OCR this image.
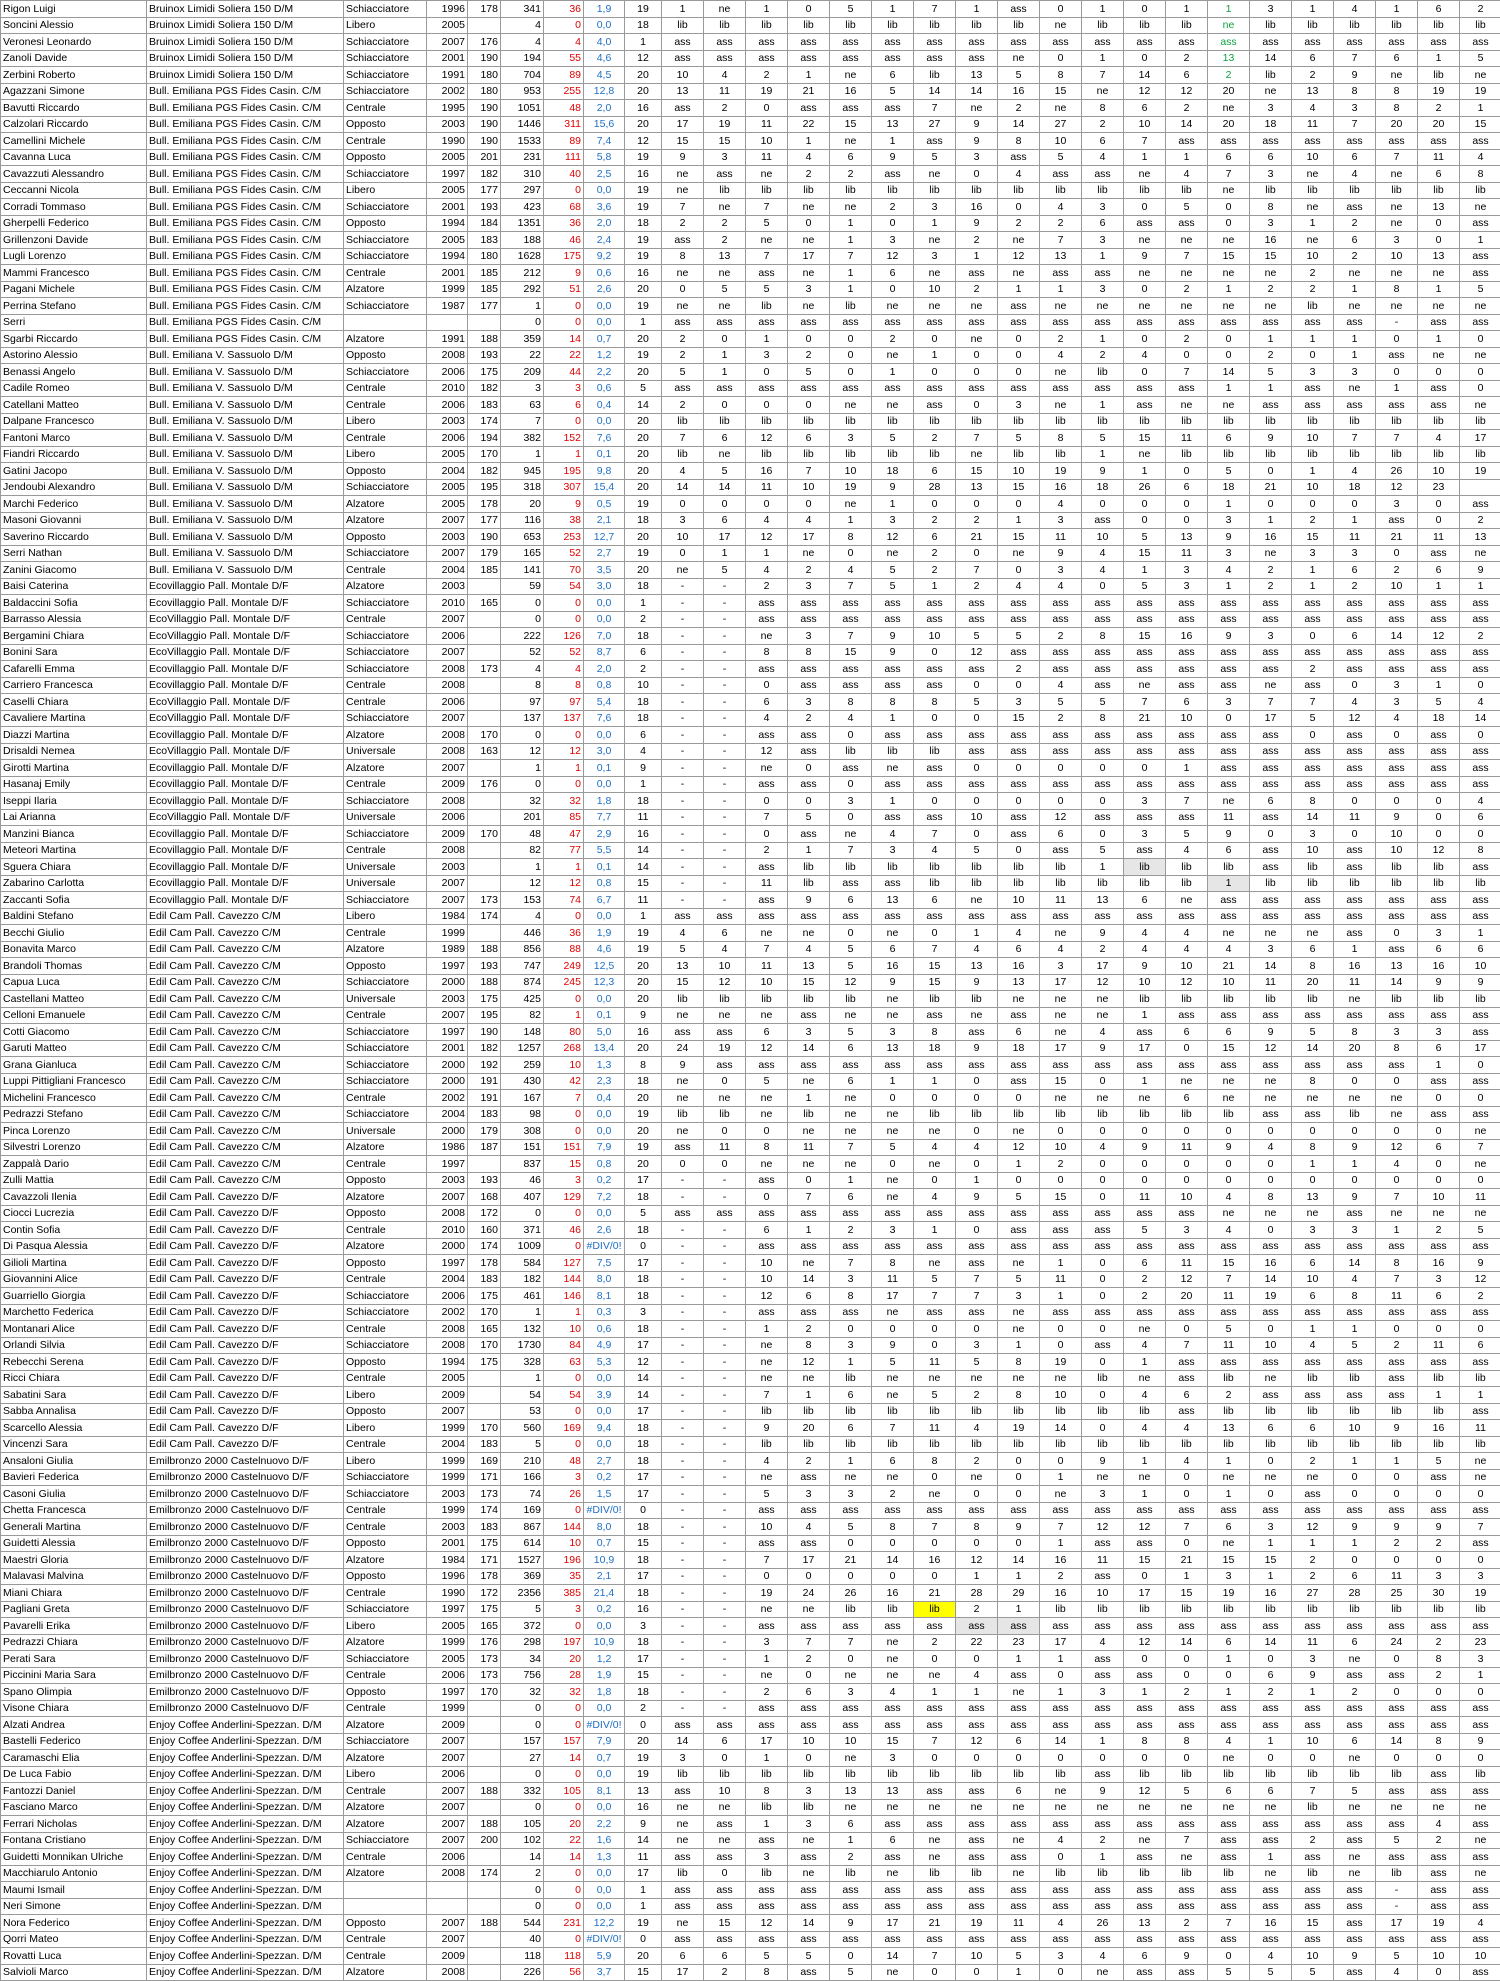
Rigon Luigi	Bruinox Limidi Soliera 150 D/M	Schiacciatore	1996	178	341	36	1,9	19	1	ne	1	0	5	1	7	1	ass	0	1	0	1	1	3	1	4	1	6	2
Soncini Alessio	Bruinox Limidi Soliera 150 D/M	Libero	2005		4	0	0,0	18	lib	lib	lib	lib	lib	lib	lib	lib	lib	ne	lib	lib	lib	ne	lib	lib	lib	lib	lib	lib
Veronesi Leonardo	Bruinox Limidi Soliera 150 D/M	Schiacciatore	2007	176	4	4	4,0	1	ass	ass	ass	ass	ass	ass	ass	ass	ass	ass	ass	ass	ass	ass	ass	ass	ass	ass	ass	ass
Zanoli Davide	Bruinox Limidi Soliera 150 D/M	Schiacciatore	2001	190	194	55	4,6	12	ass	ass	ass	ass	ass	ass	ass	ass	ne	0	1	0	2	13	14	6	7	6	1	5
Zerbini Roberto	Bruinox Limidi Soliera 150 D/M	Schiacciatore	1991	180	704	89	4,5	20	10	4	2	1	ne	6	lib	13	5	8	7	14	6	2	lib	2	9	ne	lib	ne
Agazzani Simone	Bull. Emiliana PGS Fides Casin. C/M	Schiacciatore	2002	180	953	255	12,8	20	13	11	19	21	16	5	14	14	16	15	ne	12	12	20	ne	13	8	8	19	19
Bavutti Riccardo	Bull. Emiliana PGS Fides Casin. C/M	Centrale	1995	190	1051	48	2,0	16	ass	2	0	ass	ass	ass	7	ne	2	ne	8	6	2	ne	3	4	3	8	2	1
Calzolari Riccardo	Bull. Emiliana PGS Fides Casin. C/M	Opposto	2003	190	1446	311	15,6	20	17	19	11	22	15	13	27	9	14	27	2	10	14	20	18	11	7	20	20	15
Camellini Michele	Bull. Emiliana PGS Fides Casin. C/M	Centrale	1990	190	1533	89	7,4	12	15	15	10	1	ne	1	ass	9	8	10	6	7	ass	ass	ass	ass	ass	ass	ass	ass
Cavanna Luca	Bull. Emiliana PGS Fides Casin. C/M	Opposto	2005	201	231	111	5,8	19	9	3	11	4	6	9	5	3	ass	5	4	1	1	6	6	10	6	7	11	4
Cavazzuti Alessandro	Bull. Emiliana PGS Fides Casin. C/M	Schiacciatore	1997	182	310	40	2,5	16	ne	ass	ne	2	2	ass	ne	0	4	ass	ass	ne	4	7	3	ne	4	ne	6	8
Ceccanni Nicola	Bull. Emiliana PGS Fides Casin. C/M	Libero	2005	177	297	0	0,0	19	ne	lib	lib	lib	lib	lib	lib	lib	lib	lib	lib	lib	lib	ne	lib	lib	lib	lib	lib	lib
Corradi Tommaso	Bull. Emiliana PGS Fides Casin. C/M	Schiacciatore	2001	193	423	68	3,6	19	7	ne	7	ne	ne	2	3	16	0	4	3	0	5	0	8	ne	ass	ne	13	ne
Gherpelli Federico	Bull. Emiliana PGS Fides Casin. C/M	Opposto	1994	184	1351	36	2,0	18	2	2	5	0	1	0	1	9	2	2	6	ass	ass	0	3	1	2	ne	0	ass
Grillenzoni Davide	Bull. Emiliana PGS Fides Casin. C/M	Schiacciatore	2005	183	188	46	2,4	19	ass	2	ne	ne	1	3	ne	2	ne	7	3	ne	ne	ne	16	ne	6	3	0	1
Lugli Lorenzo	Bull. Emiliana PGS Fides Casin. C/M	Schiacciatore	1994	180	1628	175	9,2	19	8	13	7	17	7	12	3	1	12	13	1	9	7	15	15	10	2	10	13	ass
Mammi Francesco	Bull. Emiliana PGS Fides Casin. C/M	Centrale	2001	185	212	9	0,6	16	ne	ne	ass	ne	1	6	ne	ass	ne	ass	ass	ne	ne	ne	ne	2	ne	ne	ne	ass
Pagani Michele	Bull. Emiliana PGS Fides Casin. C/M	Alzatore	1999	185	292	51	2,6	20	0	5	5	3	1	0	10	2	1	1	3	0	2	1	2	2	1	8	1	5
Perrina Stefano	Bull. Emiliana PGS Fides Casin. C/M	Schiacciatore	1987	177	1	0	0,0	19	ne	ne	lib	ne	lib	ne	ne	ne	ass	ne	ne	ne	ne	ne	ne	lib	ne	ne	ne	ne
Serri	Bull. Emiliana PGS Fides Casin. C/M				0	0	0,0	1	ass	ass	ass	ass	ass	ass	ass	ass	ass	ass	ass	ass	ass	ass	ass	ass	ass	-	ass	ass
Sgarbi Riccardo	Bull. Emiliana PGS Fides Casin. C/M	Alzatore	1991	188	359	14	0,7	20	2	0	1	0	0	2	0	ne	0	2	1	0	2	0	1	1	1	0	1	0
Astorino Alessio	Bull. Emiliana V. Sassuolo D/M	Opposto	2008	193	22	22	1,2	19	2	1	3	2	0	ne	1	0	0	4	2	4	0	0	2	0	1	ass	ne	ne
Benassi Angelo	Bull. Emiliana V. Sassuolo D/M	Schiacciatore	2006	175	209	44	2,2	20	5	1	0	5	0	1	0	0	0	ne	lib	0	7	14	5	3	3	0	0	0
Cadile Romeo	Bull. Emiliana V. Sassuolo D/M	Centrale	2010	182	3	3	0,6	5	ass	ass	ass	ass	ass	ass	ass	ass	ass	ass	ass	ass	ass	1	1	ass	ne	1	ass	0
Catellani Matteo	Bull. Emiliana V. Sassuolo D/M	Centrale	2006	183	63	6	0,4	14	2	0	0	0	ne	ne	ass	0	3	ne	1	ass	ne	ne	ass	ass	ass	ass	ass	ne
Dalpane Francesco	Bull. Emiliana V. Sassuolo D/M	Libero	2003	174	7	0	0,0	20	lib	lib	lib	lib	lib	lib	lib	lib	lib	lib	lib	lib	lib	lib	lib	lib	lib	lib	lib	lib
Fantoni Marco	Bull. Emiliana V. Sassuolo D/M	Centrale	2006	194	382	152	7,6	20	7	6	12	6	3	5	2	7	5	8	5	15	11	6	9	10	7	7	4	17
Fiandri Riccardo	Bull. Emiliana V. Sassuolo D/M	Libero	2005	170	1	1	0,1	20	lib	ne	lib	lib	lib	lib	lib	ne	lib	lib	1	ne	lib	lib	lib	lib	lib	lib	lib	lib
Gatini Jacopo	Bull. Emiliana V. Sassuolo D/M	Opposto	2004	182	945	195	9,8	20	4	5	16	7	10	18	6	15	10	19	9	1	0	5	0	1	4	26	10	19
Jendoubi Alexandro	Bull. Emiliana V. Sassuolo D/M	Schiacciatore	2005	195	318	307	15,4	20	14	14	11	10	19	9	28	13	15	16	18	26	6	18	21	10	18	12	23	
Marchi Federico	Bull. Emiliana V. Sassuolo D/M	Alzatore	2005	178	20	9	0,5	19	0	0	0	0	ne	1	0	0	0	4	0	0	0	1	0	0	0	3	0	ass
Masoni Giovanni	Bull. Emiliana V. Sassuolo D/M	Alzatore	2007	177	116	38	2,1	18	3	6	4	4	1	3	2	2	1	3	ass	0	0	3	1	2	1	ass	0	2
Saverino Riccardo	Bull. Emiliana V. Sassuolo D/M	Opposto	2003	190	653	253	12,7	20	10	17	12	17	8	12	6	21	15	11	10	5	13	9	16	15	11	21	11	13
Serri Nathan	Bull. Emiliana V. Sassuolo D/M	Schiacciatore	2007	179	165	52	2,7	19	0	1	1	ne	0	ne	2	0	ne	9	4	15	11	3	ne	3	3	0	ass	ne
Zanini Giacomo	Bull. Emiliana V. Sassuolo D/M	Centrale	2004	185	141	70	3,5	20	ne	5	4	2	4	5	2	7	0	3	4	1	3	4	2	1	6	2	6	9
Baisi Caterina	Ecovillaggio Pall. Montale D/F	Alzatore	2003		59	54	3,0	18	-	-	2	3	7	5	1	2	4	4	0	5	3	1	2	1	2	10	1	1
Baldaccini Sofia	Ecovillaggio Pall. Montale D/F	Schiacciatore	2010	165	0	0	0,0	1	-	-	ass	ass	ass	ass	ass	ass	ass	ass	ass	ass	ass	ass	ass	ass	ass	ass	ass	ass
Barrasso Alessia	EcoVillaggio Pall. Montale D/F	Centrale	2007		0	0	0,0	2	-	-	ass	ass	ass	ass	ass	ass	ass	ass	ass	ass	ass	ass	ass	ass	ass	ass	ass	ass
Bergamini Chiara	EcoVillaggio Pall. Montale D/F	Schiacciatore	2006		222	126	7,0	18	-	-	ne	3	7	9	10	5	5	2	8	15	16	9	3	0	6	14	12	2
Bonini Sara	EcoVillaggio Pall. Montale D/F	Schiacciatore	2007		52	52	8,7	6	-	-	8	8	15	9	0	12	ass	ass	ass	ass	ass	ass	ass	ass	ass	ass	ass	ass
Cafarelli Emma	Ecovillaggio Pall. Montale D/F	Schiacciatore	2008	173	4	4	2,0	2	-	-	ass	ass	ass	ass	ass	ass	2	ass	ass	ass	ass	ass	ass	2	ass	ass	ass	ass
Carriero Francesca	Ecovillaggio Pall. Montale D/F	Centrale	2008		8	8	0,8	10	-	-	0	ass	ass	ass	ass	0	0	4	ass	ne	ass	ass	ne	ass	0	3	1	0
Caselli Chiara	EcoVillaggio Pall. Montale D/F	Centrale	2006		97	97	5,4	18	-	-	6	3	8	8	8	5	3	5	5	7	6	3	7	7	4	3	5	4
Cavaliere Martina	EcoVillaggio Pall. Montale D/F	Schiacciatore	2007		137	137	7,6	18	-	-	4	2	4	1	0	0	15	2	8	21	10	0	17	5	12	4	18	14
Diazzi Martina	Ecovillaggio Pall. Montale D/F	Alzatore	2008	170	0	0	0,0	6	-	-	ass	ass	0	ass	ass	ass	ass	ass	ass	ass	ass	ass	ass	0	ass	0	ass	0
Drisaldi Nemea	EcoVillaggio Pall. Montale D/F	Universale	2008	163	12	12	3,0	4	-	-	12	ass	lib	lib	lib	ass	ass	ass	ass	ass	ass	ass	ass	ass	ass	ass	ass	ass
Girotti Martina	Ecovillaggio Pall. Montale D/F	Alzatore	2007		1	1	0,1	9	-	-	ne	0	ass	ne	ass	0	0	0	0	0	1	ass	ass	ass	ass	ass	ass	ass
Hasanaj Emily	Ecovillaggio Pall. Montale D/F	Centrale	2009	176	0	0	0,0	1	-	-	ass	ass	0	ass	ass	ass	ass	ass	ass	ass	ass	ass	ass	ass	ass	ass	ass	ass
Iseppi Ilaria	Ecovillaggio Pall. Montale D/F	Schiacciatore	2008		32	32	1,8	18	-	-	0	0	3	1	0	0	0	0	0	3	7	ne	6	8	0	0	0	4
Lai Arianna	EcoVillaggio Pall. Montale D/F	Universale	2006		201	85	7,7	11	-	-	7	5	0	ass	ass	10	ass	12	ass	ass	ass	11	ass	14	11	9	0	6
Manzini Bianca	Ecovillaggio Pall. Montale D/F	Schiacciatore	2009	170	48	47	2,9	16	-	-	0	ass	ne	4	7	0	ass	6	0	3	5	9	0	3	0	10	0	0
Meteori Martina	Ecovillaggio Pall. Montale D/F	Centrale	2008		82	77	5,5	14	-	-	2	1	7	3	4	5	0	ass	5	ass	4	6	ass	10	ass	10	12	8
Sguera Chiara	Ecovillaggio Pall. Montale D/F	Universale	2003		1	1	0,1	14	-	-	ass	lib	lib	lib	lib	lib	lib	lib	1	lib	lib	lib	ass	lib	ass	lib	lib	ass
Zabarino Carlotta	Ecovillaggio Pall. Montale D/F	Universale	2007		12	12	0,8	15	-	-	11	lib	ass	ass	lib	lib	lib	lib	lib	lib	lib	1	lib	lib	lib	lib	lib	lib
Zaccanti Sofia	Ecovillaggio Pall. Montale D/F	Schiacciatore	2007	173	153	74	6,7	11	-	-	ass	9	6	13	6	ne	10	11	13	6	ne	ass	ass	ass	ass	ass	ass	ass
Baldini Stefano	Edil Cam Pall. Cavezzo C/M	Libero	1984	174	4	0	0,0	1	ass	ass	ass	ass	ass	ass	ass	ass	ass	ass	ass	ass	ass	ass	ass	ass	ass	ass	ass	ass
Becchi Giulio	Edil Cam Pall. Cavezzo C/M	Centrale	1999		446	36	1,9	19	4	6	ne	ne	0	ne	0	1	4	ne	9	4	4	ne	ne	ne	ass	0	3	1
Bonavita Marco	Edil Cam Pall. Cavezzo C/M	Alzatore	1989	188	856	88	4,6	19	5	4	7	4	5	6	7	4	6	4	2	4	4	4	3	6	1	ass	6	6
Brandoli Thomas	Edil Cam Pall. Cavezzo C/M	Opposto	1997	193	747	249	12,5	20	13	10	11	13	5	16	15	13	16	3	17	9	10	21	14	8	16	13	16	10
Capua Luca	Edil Cam Pall. Cavezzo C/M	Schiacciatore	2000	188	874	245	12,3	20	15	12	10	15	12	9	15	9	13	17	12	10	12	10	11	20	11	14	9	9
Castellani Matteo	Edil Cam Pall. Cavezzo C/M	Universale	2003	175	425	0	0,0	20	lib	lib	lib	lib	lib	ne	lib	lib	ne	ne	ne	lib	lib	lib	lib	lib	ne	lib	lib	lib
Celloni Emanuele	Edil Cam Pall. Cavezzo C/M	Centrale	2007	195	82	1	0,1	9	ne	ne	ne	ass	ne	ne	ass	ne	ass	ne	ne	1	ass	ass	ass	ass	ass	ass	ass	ass
Cotti Giacomo	Edil Cam Pall. Cavezzo C/M	Schiacciatore	1997	190	148	80	5,0	16	ass	ass	6	3	5	3	8	ass	6	ne	4	ass	6	6	9	5	8	3	3	ass
Garuti Matteo	Edil Cam Pall. Cavezzo C/M	Schiacciatore	2001	182	1257	268	13,4	20	24	19	12	14	6	13	18	9	18	17	9	17	0	15	12	14	20	8	6	17
Grana Gianluca	Edil Cam Pall. Cavezzo C/M	Schiacciatore	2000	192	259	10	1,3	8	9	ass	ass	ass	ass	ass	ass	ass	ass	ass	ass	ass	ass	ass	ass	ass	ass	ass	1	0
Luppi Pittigliani Francesco	Edil Cam Pall. Cavezzo C/M	Schiacciatore	2000	191	430	42	2,3	18	ne	0	5	ne	6	1	1	0	ass	15	0	1	ne	ne	ne	8	0	0	ass	ass
Michelini Francesco	Edil Cam Pall. Cavezzo C/M	Centrale	2002	191	167	7	0,4	20	ne	ne	ne	1	ne	0	0	0	0	ne	ne	ne	6	ne	ne	ne	ne	ne	0	0
Pedrazzi Stefano	Edil Cam Pall. Cavezzo C/M	Schiacciatore	2004	183	98	0	0,0	19	lib	lib	ne	lib	ne	ne	lib	lib	lib	lib	lib	lib	lib	lib	ass	ass	lib	ne	ass	ass
Pinca Lorenzo	Edil Cam Pall. Cavezzo C/M	Universale	2000	179	308	0	0,0	20	ne	0	0	ne	ne	ne	ne	0	ne	0	0	0	0	0	0	0	0	0	0	ne
Silvestri Lorenzo	Edil Cam Pall. Cavezzo C/M	Alzatore	1986	187	151	151	7,9	19	ass	11	8	11	7	5	4	4	12	10	4	9	11	9	4	8	9	12	6	7
Zappalà Dario	Edil Cam Pall. Cavezzo C/M	Centrale	1997		837	15	0,8	20	0	0	ne	ne	ne	0	ne	0	1	2	0	0	0	0	0	1	1	4	0	ne
Zulli Mattia	Edil Cam Pall. Cavezzo C/M	Opposto	2003	193	46	3	0,2	17	-	-	ass	0	1	ne	0	1	0	0	0	0	0	0	0	0	0	0	0	0
Cavazzoli Ilenia	Edil Cam Pall. Cavezzo D/F	Alzatore	2007	168	407	129	7,2	18	-	-	0	7	6	ne	4	9	5	15	0	11	10	4	8	13	9	7	10	11
Ciocci Lucrezia	Edil Cam Pall. Cavezzo D/F	Opposto	2008	172	0	0	0,0	5	ass	ass	ass	ass	ass	ass	ass	ass	ass	ass	ass	ass	ass	ne	ne	ne	ass	ne	ne	ne
Contin Sofia	Edil Cam Pall. Cavezzo D/F	Centrale	2010	160	371	46	2,6	18	-	-	6	1	2	3	1	0	ass	ass	ass	5	3	4	0	3	3	1	2	5
Di Pasqua Alessia	Edil Cam Pall. Cavezzo D/F	Alzatore	2000	174	1009	0	#DIV/0!	0	-	-	ass	ass	ass	ass	ass	ass	ass	ass	ass	ass	ass	ass	ass	ass	ass	ass	ass	ass
Gilioli Martina	Edil Cam Pall. Cavezzo D/F	Opposto	1997	178	584	127	7,5	17	-	-	10	ne	7	8	ne	ass	ne	1	0	6	11	15	16	6	14	8	16	9
Giovannini Alice	Edil Cam Pall. Cavezzo D/F	Centrale	2004	183	182	144	8,0	18	-	-	10	14	3	11	5	7	5	11	0	2	12	7	14	10	4	7	3	12
Guarriello Giorgia	Edil Cam Pall. Cavezzo D/F	Schiacciatore	2006	175	461	146	8,1	18	-	-	12	6	8	17	7	7	3	1	0	2	20	11	19	6	8	11	6	2
Marchetto Federica	Edil Cam Pall. Cavezzo D/F	Schiacciatore	2002	170	1	1	0,3	3	-	-	ass	ass	ass	ne	ass	ass	ne	ass	ass	ass	ass	ass	ass	ass	ass	ass	ass	ass
Montanari Alice	Edil Cam Pall. Cavezzo D/F	Centrale	2008	165	132	10	0,6	18	-	-	1	2	0	0	0	0	ne	0	0	ne	0	5	0	1	1	0	0	0
Orlandi Silvia	Edil Cam Pall. Cavezzo D/F	Schiacciatore	2008	170	1730	84	4,9	17	-	-	ne	8	3	9	0	3	1	0	ass	4	7	11	10	4	5	2	11	6
Rebecchi Serena	Edil Cam Pall. Cavezzo D/F	Opposto	1994	175	328	63	5,3	12	-	-	ne	12	1	5	11	5	8	19	0	1	ass	ass	ass	ass	ass	ass	ass	ass
Ricci Chiara	Edil Cam Pall. Cavezzo D/F	Centrale	2005		1	0	0,0	14	-	-	ne	ne	lib	ne	ne	ne	ne	ne	lib	ne	ass	lib	ne	lib	lib	ass	lib	lib
Sabatini Sara	Edil Cam Pall. Cavezzo D/F	Libero	2009		54	54	3,9	14	-	-	7	1	6	ne	5	2	8	10	0	4	6	2	ass	ass	ass	ass	1	1
Sabba Annalisa	Edil Cam Pall. Cavezzo D/F	Opposto	2007		53	0	0,0	17	-	-	lib	lib	lib	lib	lib	lib	lib	lib	lib	lib	ass	lib	lib	lib	lib	lib	lib	ass
Scarcello Alessia	Edil Cam Pall. Cavezzo D/F	Libero	1999	170	560	169	9,4	18	-	-	9	20	6	7	11	4	19	14	0	4	4	13	6	6	10	9	16	11
Vincenzi Sara	Edil Cam Pall. Cavezzo D/F	Centrale	2004	183	5	0	0,0	18	-	-	lib	lib	lib	lib	lib	lib	lib	lib	lib	lib	lib	lib	lib	lib	lib	lib	lib	lib
Ansaloni Giulia	Emilbronzo 2000 Castelnuovo D/F	Libero	1999	169	210	48	2,7	18	-	-	4	2	1	6	8	2	0	0	9	1	4	1	0	2	1	1	5	ne
Bavieri Federica	Emilbronzo 2000 Castelnuovo D/F	Schiacciatore	1999	171	166	3	0,2	17	-	-	ne	ass	ne	ne	0	ne	0	1	ne	ne	0	ne	ne	ne	0	0	ass	ne
Casoni Giulia	Emilbronzo 2000 Castelnuovo D/F	Schiacciatore	2003	173	74	26	1,5	17	-	-	5	3	3	2	ne	0	0	ne	3	1	0	1	0	ass	0	0	0	0
Chetta Francesca	Emilbronzo 2000 Castelnuovo D/F	Centrale	1999	174	169	0	#DIV/0!	0	-	-	ass	ass	ass	ass	ass	ass	ass	ass	ass	ass	ass	ass	ass	ass	ass	ass	ass	ass
Generali Martina	Emilbronzo 2000 Castelnuovo D/F	Centrale	2003	183	867	144	8,0	18	-	-	10	4	5	8	7	8	9	7	12	12	7	6	3	12	9	9	9	7
Guidetti Alessia	Emilbronzo 2000 Castelnuovo D/F	Opposto	2001	175	614	10	0,7	15	-	-	ass	ass	0	0	0	0	0	1	ass	ass	0	ne	1	1	1	2	2	ass
Maestri Gloria	Emilbronzo 2000 Castelnuovo D/F	Alzatore	1984	171	1527	196	10,9	18	-	-	7	17	21	14	16	12	14	16	11	15	21	15	15	2	0	0	0	0
Malavasi Malvina	Emilbronzo 2000 Castelnuovo D/F	Opposto	1996	178	369	35	2,1	17	-	-	0	0	0	0	0	1	1	2	ass	0	1	3	1	2	6	11	3	3
Miani Chiara	Emilbronzo 2000 Castelnuovo D/F	Centrale	1990	172	2356	385	21,4	18	-	-	19	24	26	16	21	28	29	16	10	17	15	19	16	27	28	25	30	19
Pagliani Greta	Emilbronzo 2000 Castelnuovo D/F	Schiacciatore	1997	175	5	3	0,2	16	-	-	ne	ne	lib	lib	lib	2	1	lib	lib	lib	lib	lib	lib	lib	lib	lib	lib	lib
Pavarelli Erika	Emilbronzo 2000 Castelnuovo D/F	Libero	2005	165	372	0	0,0	3	-	-	ass	ass	ass	ass	ass	ass	ass	ass	ass	ass	ass	ass	ass	ass	ass	ass	ass	ass
Pedrazzi Chiara	Emilbronzo 2000 Castelnuovo D/F	Alzatore	1999	176	298	197	10,9	18	-	-	3	7	7	ne	2	22	23	17	4	12	14	6	14	11	6	24	2	23
Perati Sara	Emilbronzo 2000 Castelnuovo D/F	Schiacciatore	2005	173	34	20	1,2	17	-	-	1	2	0	ne	0	0	1	1	ass	0	0	1	0	3	ne	0	8	3
Piccinini Maria Sara	Emilbronzo 2000 Castelnuovo D/F	Centrale	2006	173	756	28	1,9	15	-	-	ne	0	ne	ne	ne	4	ass	0	ass	ass	0	0	6	9	ass	ass	2	1
Spano Olimpia	Emilbronzo 2000 Castelnuovo D/F	Opposto	1997	170	32	32	1,8	18	-	-	2	6	3	4	1	1	ne	1	3	1	2	1	2	1	2	0	0	0
Visone Chiara	Emilbronzo 2000 Castelnuovo D/F	Centrale	1999		0	0	0,0	2	-	-	ass	ass	ass	ass	ass	ass	ass	ass	ass	ass	ass	ass	ass	ass	ass	ass	ass	ass
Alzati Andrea	Enjoy Coffee Anderlini-Spezzan. D/M	Alzatore	2009		0	0	#DIV/0!	0	ass	ass	ass	ass	ass	ass	ass	ass	ass	ass	ass	ass	ass	ass	ass	ass	ass	ass	ass	ass
Bastelli Federico	Enjoy Coffee Anderlini-Spezzan. D/M	Schiacciatore	2007		157	157	7,9	20	14	6	17	10	10	15	7	12	6	14	1	8	8	4	1	10	6	14	8	9
Caramaschi Elia	Enjoy Coffee Anderlini-Spezzan. D/M	Alzatore	2007		27	14	0,7	19	3	0	1	0	ne	3	0	0	0	0	0	0	0	ne	0	0	ne	0	0	0
De Luca Fabio	Enjoy Coffee Anderlini-Spezzan. D/M	Libero	2006		0	0	0,0	19	lib	lib	lib	lib	lib	lib	lib	lib	lib	lib	ass	lib	lib	lib	lib	lib	lib	lib	ass	lib
Fantozzi Daniel	Enjoy Coffee Anderlini-Spezzan. D/M	Centrale	2007	188	332	105	8,1	13	ass	10	8	3	13	13	ass	ass	6	ne	9	12	5	6	6	7	5	ass	ass	ass
Fasciano Marco	Enjoy Coffee Anderlini-Spezzan. D/M	Alzatore	2007		0	0	0,0	16	ne	ne	lib	lib	ne	ne	ne	ne	ne	ne	ne	ne	ne	ne	ne	lib	ne	ne	ne	ne
Ferrari Nicholas	Enjoy Coffee Anderlini-Spezzan. D/M	Alzatore	2007	188	105	20	2,2	9	ne	ass	1	3	6	ass	ass	ass	ass	ass	ass	ass	ass	ass	ass	ass	ass	ass	4	ass
Fontana Cristiano	Enjoy Coffee Anderlini-Spezzan. D/M	Schiacciatore	2007	200	102	22	1,6	14	ne	ne	ass	ne	1	6	ne	ass	ne	4	2	ne	7	ass	ass	2	ass	5	2	ne
Guidetti Monnikan Ulriche	Enjoy Coffee Anderlini-Spezzan. D/M	Centrale	2006		14	14	1,3	11	ass	ass	3	ass	2	ass	ne	ass	ass	0	1	ass	ne	ass	1	ass	ne	ass	ass	ass
Macchiarulo Antonio	Enjoy Coffee Anderlini-Spezzan. D/M	Alzatore	2008	174	2	0	0,0	17	lib	0	lib	ne	lib	ne	lib	lib	ne	lib	lib	lib	lib	lib	ne	lib	ne	lib	ass	ne
Maumi Ismail	Enjoy Coffee Anderlini-Spezzan. D/M				0	0	0,0	1	ass	ass	ass	ass	ass	ass	ass	ass	ass	ass	ass	ass	ass	ass	ass	ass	ass	-	ass	ass
Neri Simone	Enjoy Coffee Anderlini-Spezzan. D/M				0	0	0,0	1	ass	ass	ass	ass	ass	ass	ass	ass	ass	ass	ass	ass	ass	ass	ass	ass	ass	-	ass	ass
Nora Federico	Enjoy Coffee Anderlini-Spezzan. D/M	Opposto	2007	188	544	231	12,2	19	ne	15	12	14	9	17	21	19	11	4	26	13	2	7	16	15	ass	17	19	4
Qorri Mateo	Enjoy Coffee Anderlini-Spezzan. D/M	Centrale	2007		40	0	#DIV/0!	0	ass	ass	ass	ass	ass	ass	ass	ass	ass	ass	ass	ass	ass	ass	ass	ass	ass	ass	ass	ass
Rovatti Luca	Enjoy Coffee Anderlini-Spezzan. D/M	Centrale	2009		118	118	5,9	20	6	6	5	5	0	14	7	10	5	3	4	6	9	0	4	10	9	5	10	10
Salvioli Marco	Enjoy Coffee Anderlini-Spezzan. D/M	Alzatore	2008		226	56	3,7	15	17	2	8	ass	5	ne	0	0	1	0	ne	ass	ass	5	5	5	ass	4	0	ass
